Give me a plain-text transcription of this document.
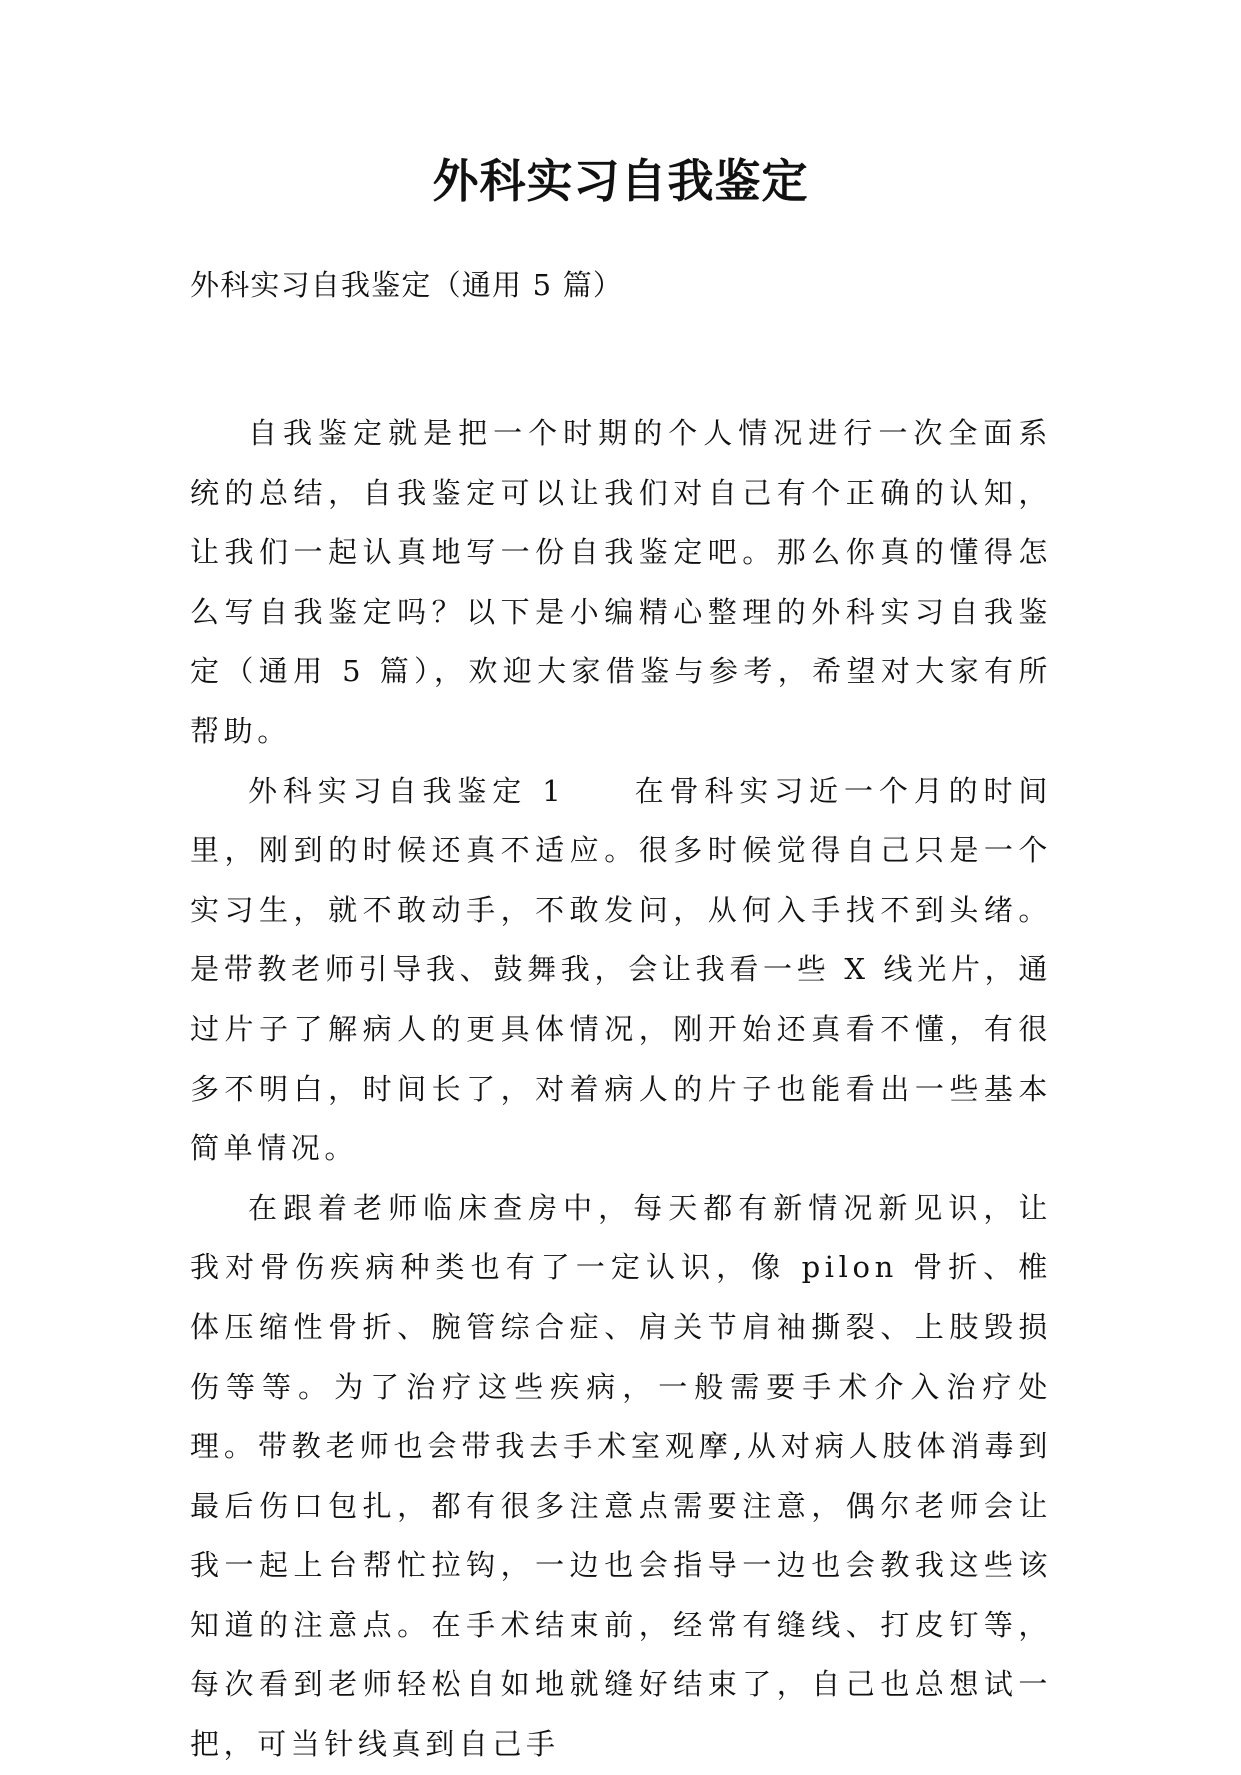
外科实习自我鉴定

外科实习自我鉴定（通用 5 篇）

自我鉴定就是把一个时期的个人情况进行一次全面系统的总结，自我鉴定可以让我们对自己有个正确的认知，让我们一起认真地写一份自我鉴定吧。那么你真的懂得怎么写自我鉴定吗？以下是小编精心整理的外科实习自我鉴定（通用 5 篇），欢迎大家借鉴与参考，希望对大家有所帮助。

外科实习自我鉴定 1 在骨科实习近一个月的时间里，刚到的时候还真不适应。很多时候觉得自己只是一个实习生，就不敢动手，不敢发问，从何入手找不到头绪。是带教老师引导我、鼓舞我，会让我看一些 X 线光片，通过片子了解病人的更具体情况，刚开始还真看不懂，有很多不明白，时间长了，对着病人的片子也能看出一些基本简单情况。

在跟着老师临床查房中，每天都有新情况新见识，让我对骨伤疾病种类也有了一定认识，像 pilon 骨折、椎体压缩性骨折、腕管综合症、肩关节肩袖撕裂、上肢毁损伤等等。为了治疗这些疾病，一般需要手术介入治疗处理。带教老师也会带我去手术室观摩,从对病人肢体消毒到最后伤口包扎，都有很多注意点需要注意，偶尔老师会让我一起上台帮忙拉钩，一边也会指导一边也会教我这些该知道的注意点。在手术结束前，经常有缝线、打皮钉等，每次看到老师轻松自如地就缝好结束了，自己也总想试一把，可当针线真到自己手
